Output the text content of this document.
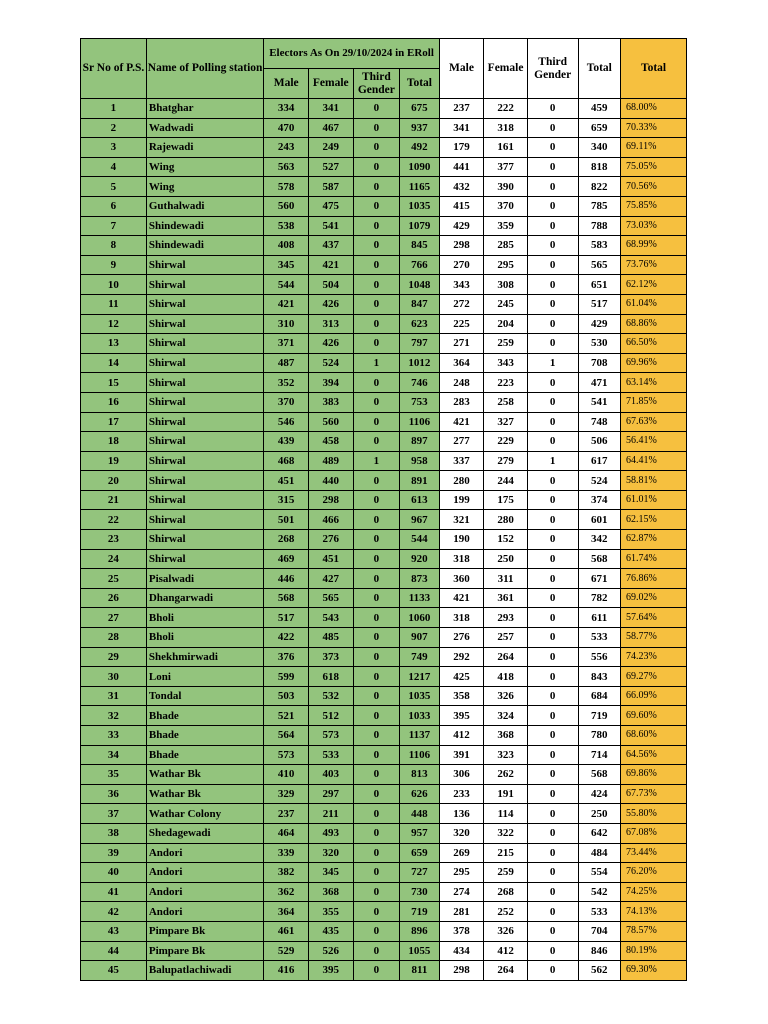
Sr No of P.S.	Name of Polling station	Electors As On 29/10/2024 in ERoll				Male	Female	Third Gender	Total	Total
		Male	Female	Third Gender	Total					
1	Bhatghar	334	341	0	675	237	222	0	459	68.00%
2	Wadwadi	470	467	0	937	341	318	0	659	70.33%
3	Rajewadi	243	249	0	492	179	161	0	340	69.11%
4	Wing	563	527	0	1090	441	377	0	818	75.05%
5	Wing	578	587	0	1165	432	390	0	822	70.56%
6	Guthalwadi	560	475	0	1035	415	370	0	785	75.85%
7	Shindewadi	538	541	0	1079	429	359	0	788	73.03%
8	Shindewadi	408	437	0	845	298	285	0	583	68.99%
9	Shirwal	345	421	0	766	270	295	0	565	73.76%
10	Shirwal	544	504	0	1048	343	308	0	651	62.12%
11	Shirwal	421	426	0	847	272	245	0	517	61.04%
12	Shirwal	310	313	0	623	225	204	0	429	68.86%
13	Shirwal	371	426	0	797	271	259	0	530	66.50%
14	Shirwal	487	524	1	1012	364	343	1	708	69.96%
15	Shirwal	352	394	0	746	248	223	0	471	63.14%
16	Shirwal	370	383	0	753	283	258	0	541	71.85%
17	Shirwal	546	560	0	1106	421	327	0	748	67.63%
18	Shirwal	439	458	0	897	277	229	0	506	56.41%
19	Shirwal	468	489	1	958	337	279	1	617	64.41%
20	Shirwal	451	440	0	891	280	244	0	524	58.81%
21	Shirwal	315	298	0	613	199	175	0	374	61.01%
22	Shirwal	501	466	0	967	321	280	0	601	62.15%
23	Shirwal	268	276	0	544	190	152	0	342	62.87%
24	Shirwal	469	451	0	920	318	250	0	568	61.74%
25	Pisalwadi	446	427	0	873	360	311	0	671	76.86%
26	Dhangarwadi	568	565	0	1133	421	361	0	782	69.02%
27	Bholi	517	543	0	1060	318	293	0	611	57.64%
28	Bholi	422	485	0	907	276	257	0	533	58.77%
29	Shekhmirwadi	376	373	0	749	292	264	0	556	74.23%
30	Loni	599	618	0	1217	425	418	0	843	69.27%
31	Tondal	503	532	0	1035	358	326	0	684	66.09%
32	Bhade	521	512	0	1033	395	324	0	719	69.60%
33	Bhade	564	573	0	1137	412	368	0	780	68.60%
34	Bhade	573	533	0	1106	391	323	0	714	64.56%
35	Wathar Bk	410	403	0	813	306	262	0	568	69.86%
36	Wathar Bk	329	297	0	626	233	191	0	424	67.73%
37	Wathar Colony	237	211	0	448	136	114	0	250	55.80%
38	Shedagewadi	464	493	0	957	320	322	0	642	67.08%
39	Andori	339	320	0	659	269	215	0	484	73.44%
40	Andori	382	345	0	727	295	259	0	554	76.20%
41	Andori	362	368	0	730	274	268	0	542	74.25%
42	Andori	364	355	0	719	281	252	0	533	74.13%
43	Pimpare Bk	461	435	0	896	378	326	0	704	78.57%
44	Pimpare Bk	529	526	0	1055	434	412	0	846	80.19%
45	Balupatlachiwadi	416	395	0	811	298	264	0	562	69.30%
